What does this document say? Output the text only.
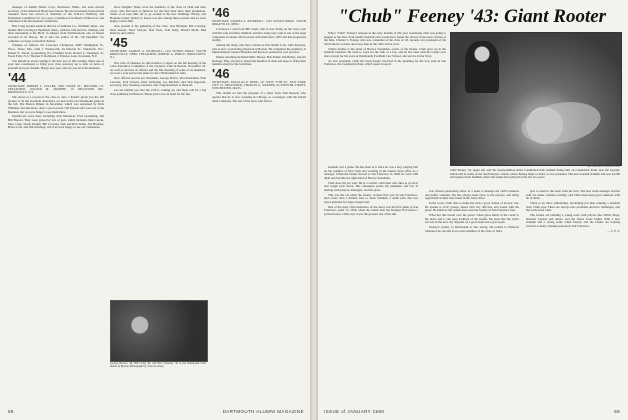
manager of Kahler Hotels Corp., Rochester, Minn., has been elected secretary of the American Hotel Association. He had previously been elected treasurer. Ross has served as chairman of the A.H.A.'s Publicity and Promotion Committee for two years, a member of its Board of Directors, and chairman of the Resolutions Committee.

Bob Craig became medical director of Sanborn Co., Waltham, Mass., last month. Bob is living in Needham, Mass., with his wife and two children, and most interesting is his Ph.D. in surgery from Northwestern, one of fifteen awarded in its history. He is also the author of the "49 Deadline" for complete coverage of medical matters.

Changes of address: Dr. Lawrence Thompson, 2605 Washington St., Waco, Texas; Mrs. John J. Wadsworth, 29 Duncan St., Waldwick, N.J.; Robert E. Tarver, Greensburg, Pa.; Franklin Scott; Robert L. Chapman, Jr., Essex Fells, N.J.; Thomas E. Robinson, 2 Wawlee Lane, Scarsdale, N.Y.

You should be about coming to the new year at this reading. Make one of your new resolutions to bring your class secretary up to date on news of yourself and your friends. Happy new year, and see you all at the Reunion.

'44
SECRETARY, ROBERT L. FULLER, 2485 CEDAR ST., MILFORD, CT. TREASURER, WALTER M. MURPHY, 16 DELLWOOD RD., BRONXVILLE, N.Y.

The above is a record of the class to date. I haven't given you the full picture of all the excellent attendance we had at the last Dartmouth game in the fall. The Boston Dinner in December, which was organized by Dick Whitaker and Abe Ross, drew a good crowd. Old friends who were not at the Reunion, but we were happy to see them there.

Seventy-six were there including Jack Mordecai, Fred Greenberg, and Bill Brewer. They were joined by lots of gals, which included John Curran, Moe Craig, Sandy Knight, Bill Crowley, Sam and Bob Drake, Sid Brodsky, Bruce Cole, and Jim Ginsberg. All of us were happy to see our classmates.

Dave Knights. There were the members of the class of 1944 and their wives, who had been to Hanover for the first time since their graduation. Some of us took time off to go around to the new buildings, library, and Hopkins Center. Robert S. Keyes was also among those present and we were happy to have him.

Also present at the gathering of the class: Jack Brennan, Bill Crowley, Dick Kessel, Newt Sawyer, Don Tuck, Tom Kelly, Harold Mohr, Bud Duncan, and others.

'45
SECRETARY, SAMUEL A. INGERSOLL, 1453 SUSSEX RIDGE, SOUTH RIDGEVILLE, OHIO. TREASURER, ROBERT A. PIERCE, RIDGECREST, N.J.

Our class of business for this month is a report on the fall meeting of the Class Executive Committee at the Currency Club in Boston, November 16. As well as election of officers and the fine meeting of some of its members, we took a vote and set the plans for the 15th Reunion in June.

New officers elected are: President, George Peirce; Vice-Presidents, Paul Lascoux, Jack Sawyer, Peter DeYoung, Joe Michael; and Sam Ingersoll, secretary; Roy Sweeney, treasurer. Our congratulations to them all.

Let me remind you that the 15th is coming up, and there will be a big class gathering in Hanover. Please plan to be on hand for the fun.

George Brewer '46, Bill Craig '44, and Bob Sweeney '45 at the Dartmouth Club dinner in Boston. Photograph by class secretary.
'46
SECRETARY, SAMUEL A. INGERSOLL, 1453 SUSSEX RIDGE, SOUTH RIDGEVILLE, OHIO.

I received a card from Bill Clark, who is now living on the west coast with his wife and three children, and he's doing very well at one of the large companies in Seattle. He has been with them since 1952 and has progressed rapidly.

Among the many who have written us this month is Dr. John Peterson, who is now a practicing physician in Boston. He completed his residency at Massachusetts General Hospital and has now opened his own practice.

Others returning included Wells Thorpe, Bob Snider, Jim Bailey, and Art Kellogg. They all plan to attend the Reunion in June and hope to bring their families along for the festivities.

'46
SECRETARY, DOUGLAS P. SHAW, 147 WEST 57TH ST., NEW YORK CITY 19. TREASURER, CHARLES G. WARNER, 64 SPENCER STREET, WINCHESTER, MASS.

This month we had the pleasure of a letter from Tom Russell, who reports that he is now working in Chicago as a manager with the Inland Steel Company. The rest of the news will follow.

68	DARTMOUTH ALUMNI MAGAZINE
"Chub" Feeney '43: Giant Rooter

Who's "Chub" Feeney? Anyone in the early months of this year wondering what was going to happen to the New York Giants baseball club would have found the answer in the news stories of the time. Charles S. Feeney, who was a member of the class of '43, became vice president of the San Francisco Giants and a key man in the club's move west.

Chub's mother is the sister of Horace Stoneham, owner of the Giants. Chub grew up in the baseball business. He went to work for the club as a boy, and he has been with the Giants ever since except for his years at Dartmouth, Fordham Law School, and service in the Navy.

As vice president, Chub has been deeply involved in the planning for the new park in San Francisco, the Candlestick Park, which opens in April.

San Francisco Chronicle Photo
Chub Feeney '43, upper left, and the twenty-million-dollar Candlestick Park stadium being built on Candlestick Point, near the bayside, which will be home of the San Francisco Giants, where Feeney helps to direct as vice president. The new baseball stadium will seat 42,500 and replace Seals Stadium, where the Giants have played for the last two years.

baseball was a game. He has been in it since he was a boy, playing ball on the sandlots of New York and working in the Giants' front office as a teenager. When the Giants moved to San Francisco in 1958, he went with them and became the right hand of Horace Stoneham.

Chub does his job well. He is a careful, calm man who likes to go slow and weigh each move. His colleagues praise his judgment and tact in dealing with players, managers, and the press.

This was his era when the Giants, in their first year in San Francisco, drew more than a million fans to Seals Stadium, a small park that was never intended for major league ball.

One of the most vivid memories of the move was the first game in San Francisco, April 15, 1958, when the Giants beat the Dodgers 8-0 before a packed house. Chub says it was the greatest day of his life.

was chosen sponsoring editor of a team to manage the club's business and public relations. He has always been close to the players, and many regard him as their best friend in the front office.

In his work, Chub tries to make the club a good citizen of its new city. He speaks to civic groups, meets with city officials, and works with the press. He believes the Giants must earn the loyalty of San Francisco fans.

What has this meant over the years? Chub gives much of the credit to his uncle and to the long tradition of the Giants. He feels that the club's success in the new city depends on a good team and a good park.

Feeney's loyalty to Dartmouth is also strong. He returns to Hanover whenever he can and is an active member of the class of 1943.

gets to observe the team from the best. The new team manager and his staff are under constant scrutiny, and Chub must keep good relations with all of them.

There is no more stimulating, fascinating job than running a baseball club, Chub says. There are always new problems and new challenges, and the work never ends.

The Giants are building a young team with players like Willie Mays, Orlando Cepeda and others, and the future looks bright. With a new stadium and a strong team, Chub Feeney and the Giants are looking forward to many winning seasons in San Francisco.

— C. E. T.
ISSUE of JANUARY 1960	69
